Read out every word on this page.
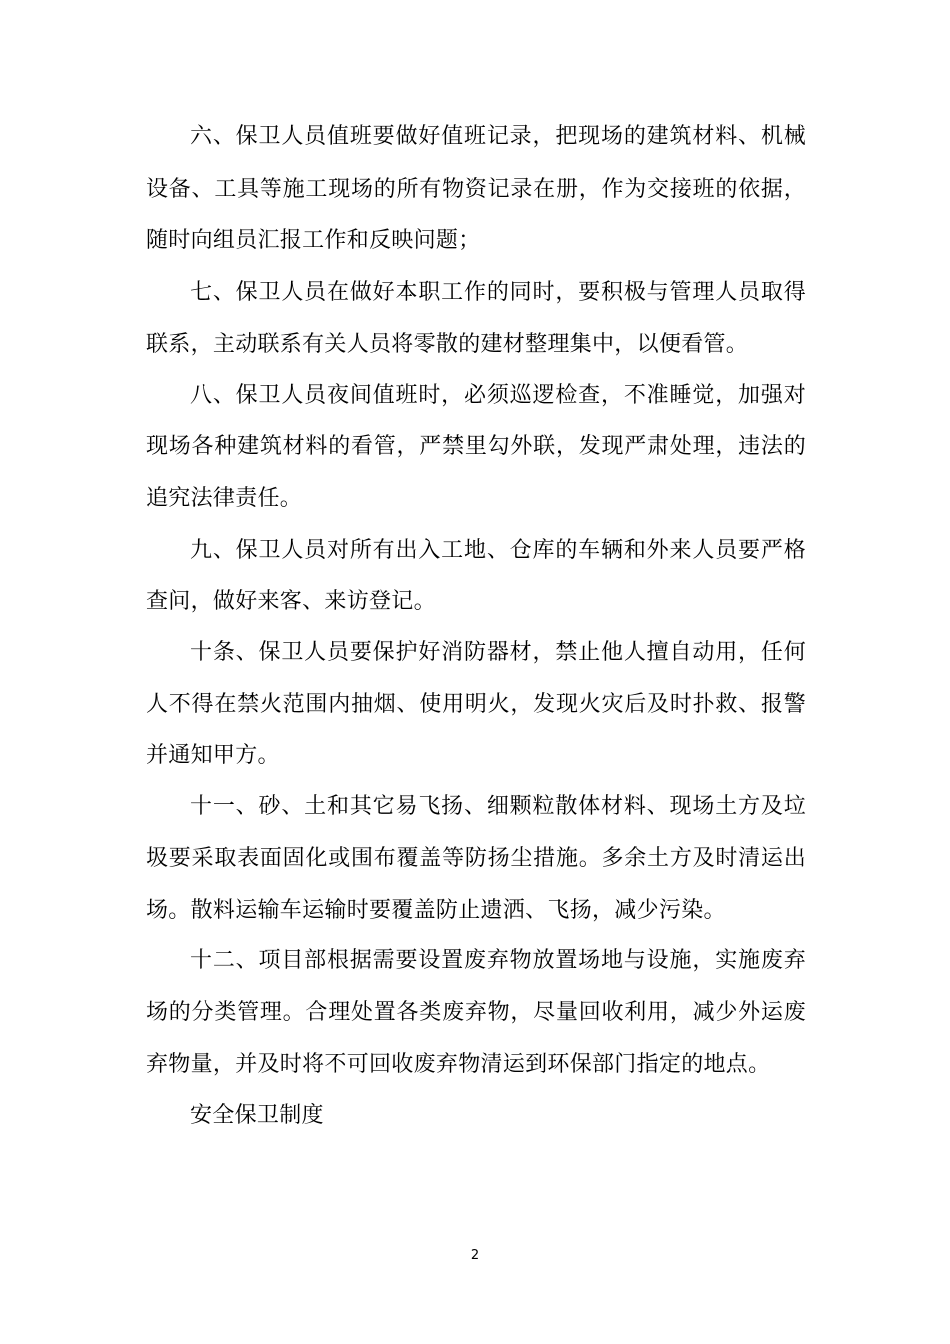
六、保卫人员值班要做好值班记录，把现场的建筑材料、机械
设备、工具等施工现场的所有物资记录在册，作为交接班的依据，
随时向组员汇报工作和反映问题；
七、保卫人员在做好本职工作的同时，要积极与管理人员取得
联系，主动联系有关人员将零散的建材整理集中，以便看管。
八、保卫人员夜间值班时，必须巡逻检查，不准睡觉，加强对
现场各种建筑材料的看管，严禁里勾外联，发现严肃处理，违法的
追究法律责任。
九、保卫人员对所有出入工地、仓库的车辆和外来人员要严格
查问，做好来客、来访登记。
十条、保卫人员要保护好消防器材，禁止他人擅自动用，任何
人不得在禁火范围内抽烟、使用明火，发现火灾后及时扑救、报警
并通知甲方。
十一、砂、土和其它易飞扬、细颗粒散体材料、现场土方及垃
圾要采取表面固化或围布覆盖等防扬尘措施。多余土方及时清运出
场。散料运输车运输时要覆盖防止遗洒、飞扬，减少污染。
十二、项目部根据需要设置废弃物放置场地与设施，实施废弃
场的分类管理。合理处置各类废弃物，尽量回收利用，减少外运废
弃物量，并及时将不可回收废弃物清运到环保部门指定的地点。
安全保卫制度
2
